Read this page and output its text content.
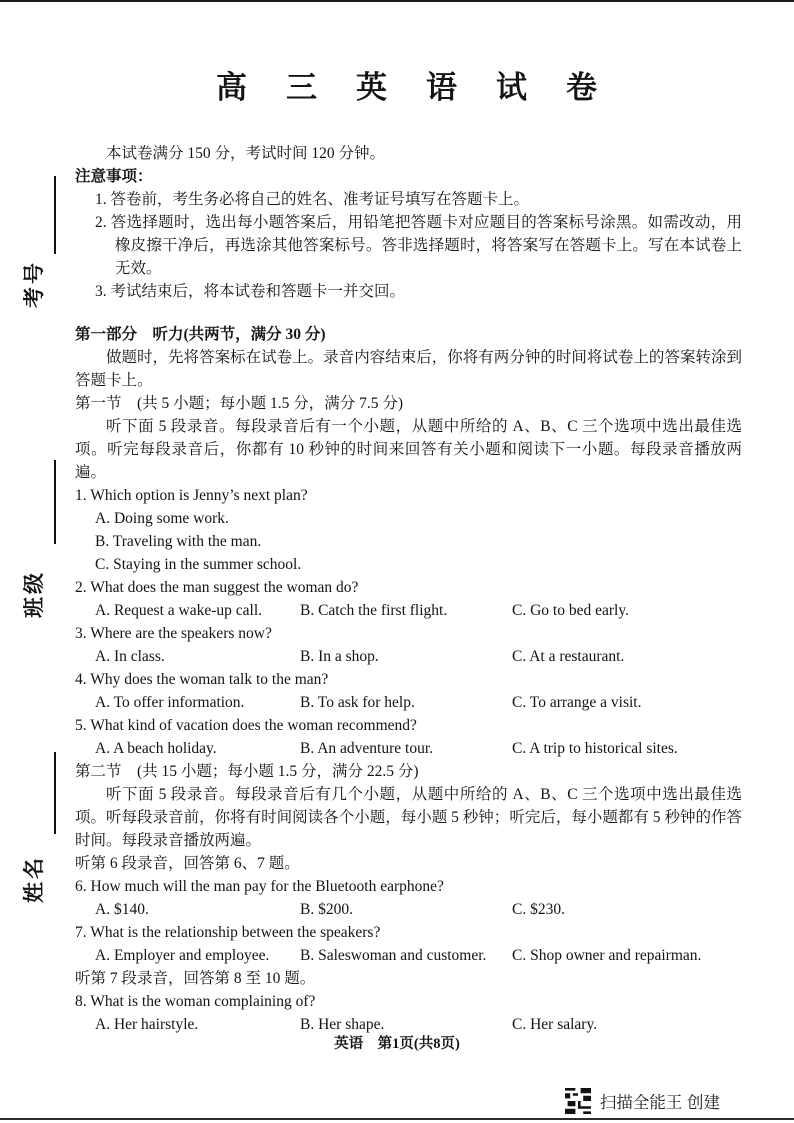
考号
班级
姓名
高　三　英　语　试　卷

本试卷满分 150 分，考试时间 120 分钟。

注意事项：

1. 答卷前，考生务必将自己的姓名、准考证号填写在答题卡上。
2. 答选择题时，选出每小题答案后，用铅笔把答题卡对应题目的答案标号涂黑。如需改动，用橡皮擦干净后，再选涂其他答案标号。答非选择题时，将答案写在答题卡上。写在本试卷上无效。
3. 考试结束后，将本试卷和答题卡一并交回。

第一部分　听力(共两节，满分 30 分)

做题时，先将答案标在试卷上。录音内容结束后，你将有两分钟的时间将试卷上的答案转涂到答题卡上。

第一节　(共 5 小题；每小题 1.5 分，满分 7.5 分)

听下面 5 段录音。每段录音后有一个小题，从题中所给的 A、B、C 三个选项中选出最佳选项。听完每段录音后，你都有 10 秒钟的时间来回答有关小题和阅读下一小题。每段录音播放两遍。

1. Which option is Jenny’s next plan?

A. Doing some work.
B. Traveling with the man.
C. Staying in the summer school.

2. What does the man suggest the woman do?

A. Request a wake-up call.	B. Catch the first flight.	C. Go to bed early.

3. Where are the speakers now?

A. In class.	B. In a shop.	C. At a restaurant.

4. Why does the woman talk to the man?

A. To offer information.	B. To ask for help.	C. To arrange a visit.

5. What kind of vacation does the woman recommend?

A. A beach holiday.	B. An adventure tour.	C. A trip to historical sites.

第二节　(共 15 小题；每小题 1.5 分，满分 22.5 分)

听下面 5 段录音。每段录音后有几个小题，从题中所给的 A、B、C 三个选项中选出最佳选项。听每段录音前，你将有时间阅读各个小题，每小题 5 秒钟；听完后，每小题都有 5 秒钟的作答时间。每段录音播放两遍。

听第 6 段录音，回答第 6、7 题。

6. How much will the man pay for the Bluetooth earphone?

A. $140.	B. $200.	C. $230.

7. What is the relationship between the speakers?

A. Employer and employee.	B. Saleswoman and customer.	C. Shop owner and repairman.

听第 7 段录音，回答第 8 至 10 题。

8. What is the woman complaining of?

A. Her hairstyle.	B. Her shape.	C. Her salary.
英语　第1页(共8页)
扫描全能王 创建
